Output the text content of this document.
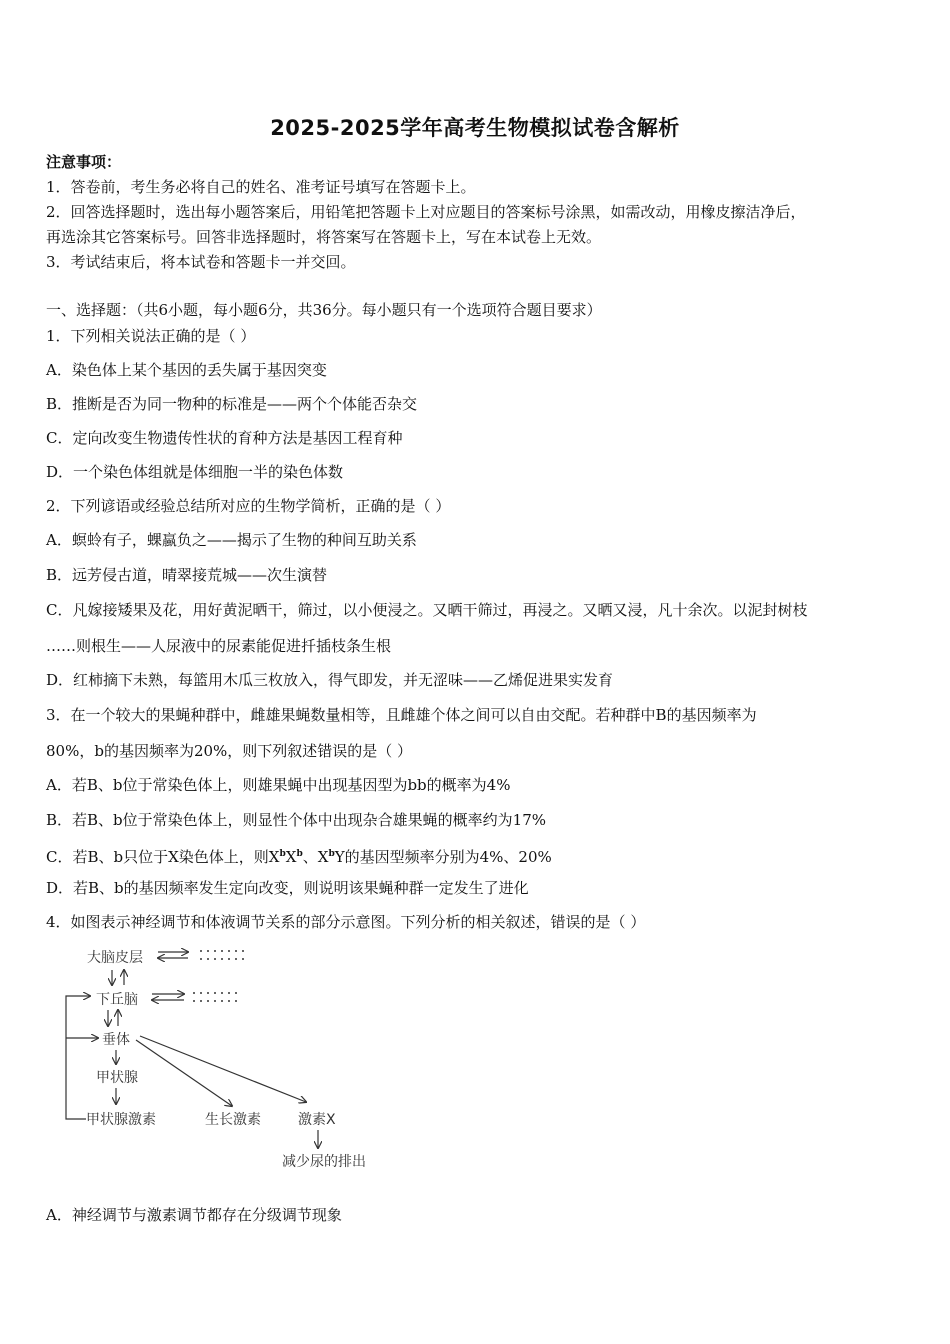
2025-2025学年高考生物模拟试卷含解析
注意事项：
1．答卷前，考生务必将自己的姓名、准考证号填写在答题卡上。
2．回答选择题时，选出每小题答案后，用铅笔把答题卡上对应题目的答案标号涂黑，如需改动，用橡皮擦洁净后，
再选涂其它答案标号。回答非选择题时，将答案写在答题卡上，写在本试卷上无效。
3．考试结束后，将本试卷和答题卡一并交回。
一、选择题：（共6小题，每小题6分，共36分。每小题只有一个选项符合题目要求）
1．下列相关说法正确的是（ ）
A．染色体上某个基因的丢失属于基因突变
B．推断是否为同一物种的标准是——两个个体能否杂交
C．定向改变生物遗传性状的育种方法是基因工程育种
D．一个染色体组就是体细胞一半的染色体数
2．下列谚语或经验总结所对应的生物学简析，正确的是（ ）
A．螟蛉有子，蜾蠃负之——揭示了生物的种间互助关系
B．远芳侵古道，晴翠接荒城——次生演替
C．凡嫁接矮果及花，用好黄泥晒干，筛过，以小便浸之。又晒干筛过，再浸之。又晒又浸，凡十余次。以泥封树枝
……则根生——人尿液中的尿素能促进扦插枝条生根
D．红柿摘下未熟，每篮用木瓜三枚放入，得气即发，并无涩味——乙烯促进果实发育
3．在一个较大的果蝇种群中，雌雄果蝇数量相等，且雌雄个体之间可以自由交配。若种群中B的基因频率为
80%，b的基因频率为20%，则下列叙述错误的是（ ）
A．若B、b位于常染色体上，则雄果蝇中出现基因型为bb的概率为4%
B．若B、b位于常染色体上，则显性个体中出现杂合雄果蝇的概率约为17%
C．若B、b只位于X染色体上，则$X^bX^b$、$X^bY$的基因型频率分别为4%、20%
D．若B、b的基因频率发生定向改变，则说明该果蝇种群一定发生了进化
4．如图表示神经调节和体液调节关系的部分示意图。下列分析的相关叙述，错误的是（ ）
大脑皮层
下丘脑
垂体
甲状腺
甲状腺激素	生长激素	激素X
减少尿的排出
A．神经调节与激素调节都存在分级调节现象
